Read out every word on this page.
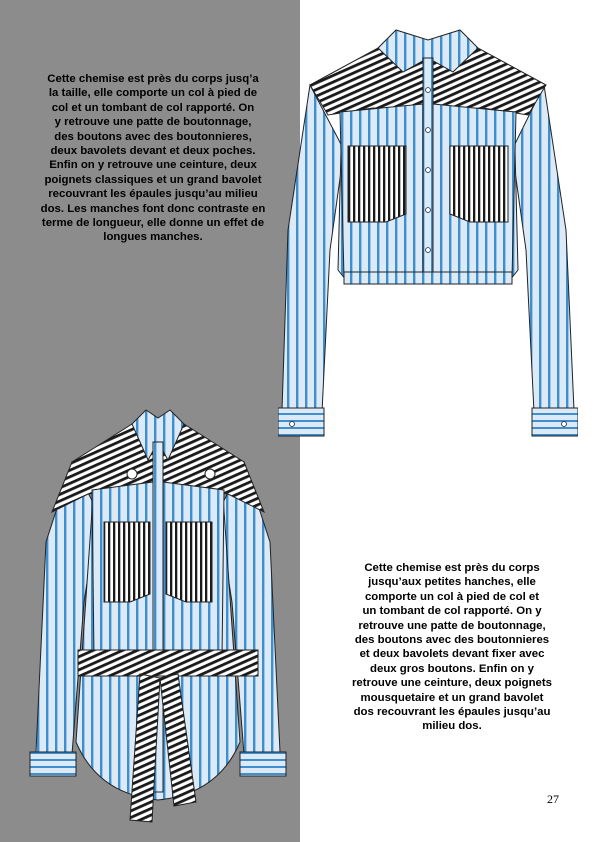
Cette chemise est près du corps jusq’a
la taille, elle comporte un col à pied de
col et un tombant de col rapporté. On
y retrouve une patte de boutonnage,
des boutons avec des boutonnieres,
deux bavolets devant et deux poches.
Enfin on y retrouve une ceinture, deux
poignets classiques et un grand bavolet
recouvrant les épaules jusqu’au milieu
dos. Les manches font donc contraste en
terme de longueur, elle donne un effet de
longues manches.
Cette chemise est près du corps
jusqu’aux petites hanches, elle
comporte un col à pied de col et
un tombant de col rapporté. On y
retrouve une patte de boutonnage,
des boutons avec des boutonnieres
et deux bavolets devant fixer avec
deux gros boutons. Enfin on y
retrouve une ceinture, deux poignets
mousquetaire et un grand bavolet
dos recouvrant les épaules jusqu’au
milieu dos.
27
